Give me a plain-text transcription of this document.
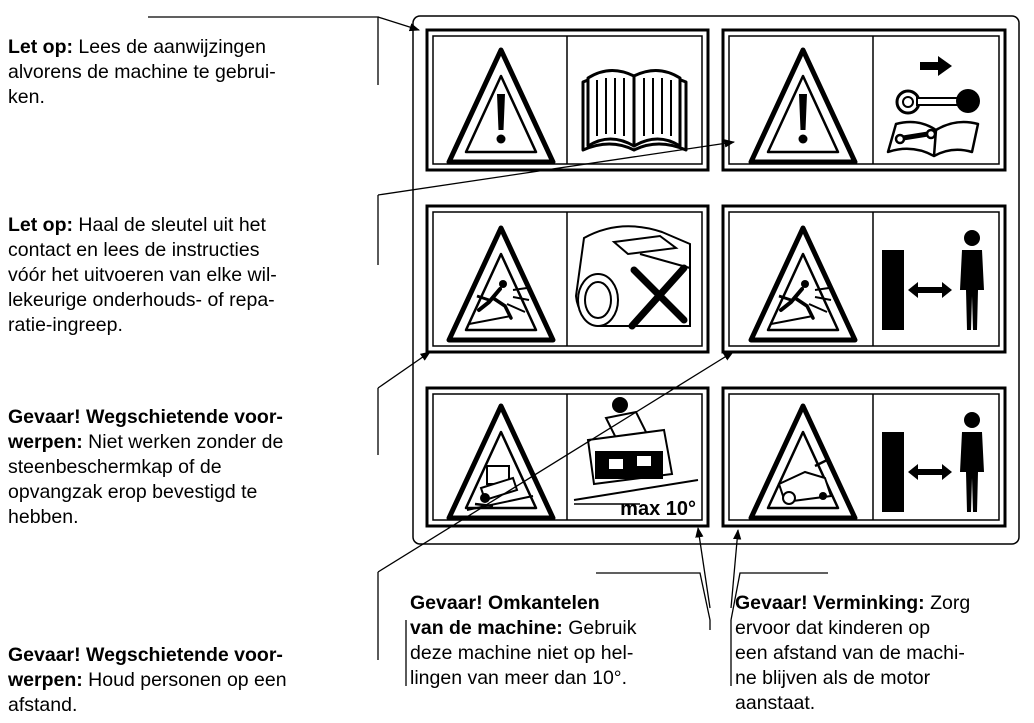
Let op: Lees de aanwijzingen
alvorens de machine te gebrui-
ken.
Let op: Haal de sleutel uit het
contact en lees de instructies
vóór het uitvoeren van elke wil-
lekeurige onderhouds- of repa-
ratie-ingreep.
Gevaar! Wegschietende voor-
werpen: Niet werken zonder de
steenbeschermkap of de
opvangzak erop bevestigd te
hebben.
Gevaar! Wegschietende voor-
werpen: Houd personen op een
afstand.
Gevaar! Omkantelen
van de machine: Gebruik
deze machine niet op hel-
lingen van meer dan 10°.
Gevaar! Verminking: Zorg
ervoor dat kinderen op
een afstand van de machi-
ne blijven als de motor
aanstaat.
max 10°
